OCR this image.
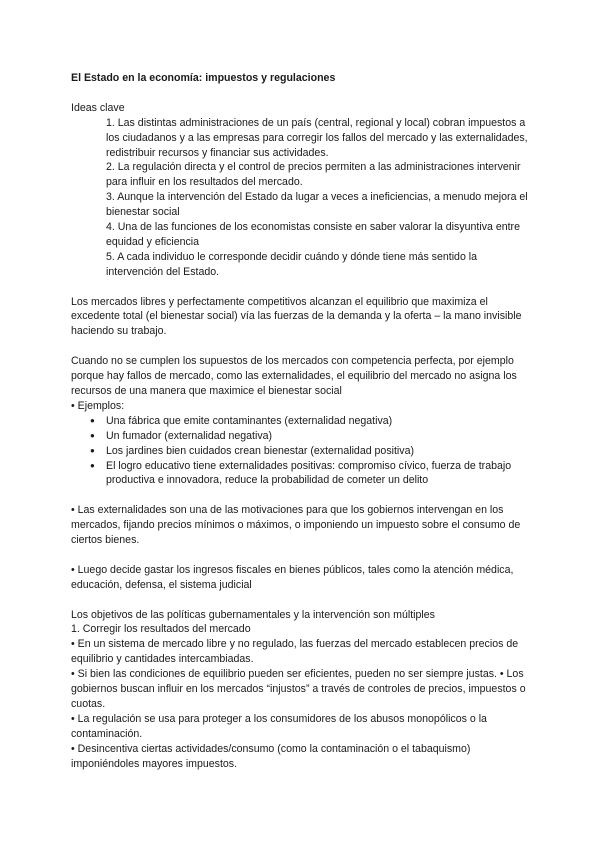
El Estado en la economía: impuestos y regulaciones

Ideas clave

1. Las distintas administraciones de un país (central, regional y local) cobran impuestos a los ciudadanos y a las empresas para corregir los fallos del mercado y las externalidades, redistribuir recursos y financiar sus actividades.

2. La regulación directa y el control de precios permiten a las administraciones intervenir para influir en los resultados del mercado.

3. Aunque la intervención del Estado da lugar a veces a ineficiencias, a menudo mejora el bienestar social

4. Una de las funciones de los economistas consiste en saber valorar la disyuntiva entre equidad y eficiencia

5. A cada individuo le corresponde decidir cuándo y dónde tiene más sentido la intervención del Estado.

Los mercados libres y perfectamente competitivos alcanzan el equilibrio que maximiza el excedente total (el bienestar social) vía las fuerzas de la demanda y la oferta – la mano invisible haciendo su trabajo.

Cuando no se cumplen los supuestos de los mercados con competencia perfecta, por ejemplo porque hay fallos de mercado, como las externalidades, el equilibrio del mercado no asigna los recursos de una manera que maximice el bienestar social

• Ejemplos:

● Una fábrica que emite contaminantes (externalidad negativa)
● Un fumador (externalidad negativa)
● Los jardines bien cuidados crean bienestar (externalidad positiva)
● El logro educativo tiene externalidades positivas: compromiso cívico, fuerza de trabajo productiva e innovadora, reduce la probabilidad de cometer un delito

• Las externalidades son una de las motivaciones para que los gobiernos intervengan en los mercados, fijando precios mínimos o máximos, o imponiendo un impuesto sobre el consumo de ciertos bienes.

• Luego decide gastar los ingresos fiscales en bienes públicos, tales como la atención médica, educación, defensa, el sistema judicial

Los objetivos de las políticas gubernamentales y la intervención son múltiples

1. Corregir los resultados del mercado

• En un sistema de mercado libre y no regulado, las fuerzas del mercado establecen precios de equilibrio y cantidades intercambiadas.

• Si bien las condiciones de equilibrio pueden ser eficientes, pueden no ser siempre justas. • Los gobiernos buscan influir en los mercados “injustos” a través de controles de precios, impuestos o cuotas.

• La regulación se usa para proteger a los consumidores de los abusos monopólicos o la contaminación.

• Desincentiva ciertas actividades/consumo (como la contaminación o el tabaquismo) imponiéndoles mayores impuestos.
